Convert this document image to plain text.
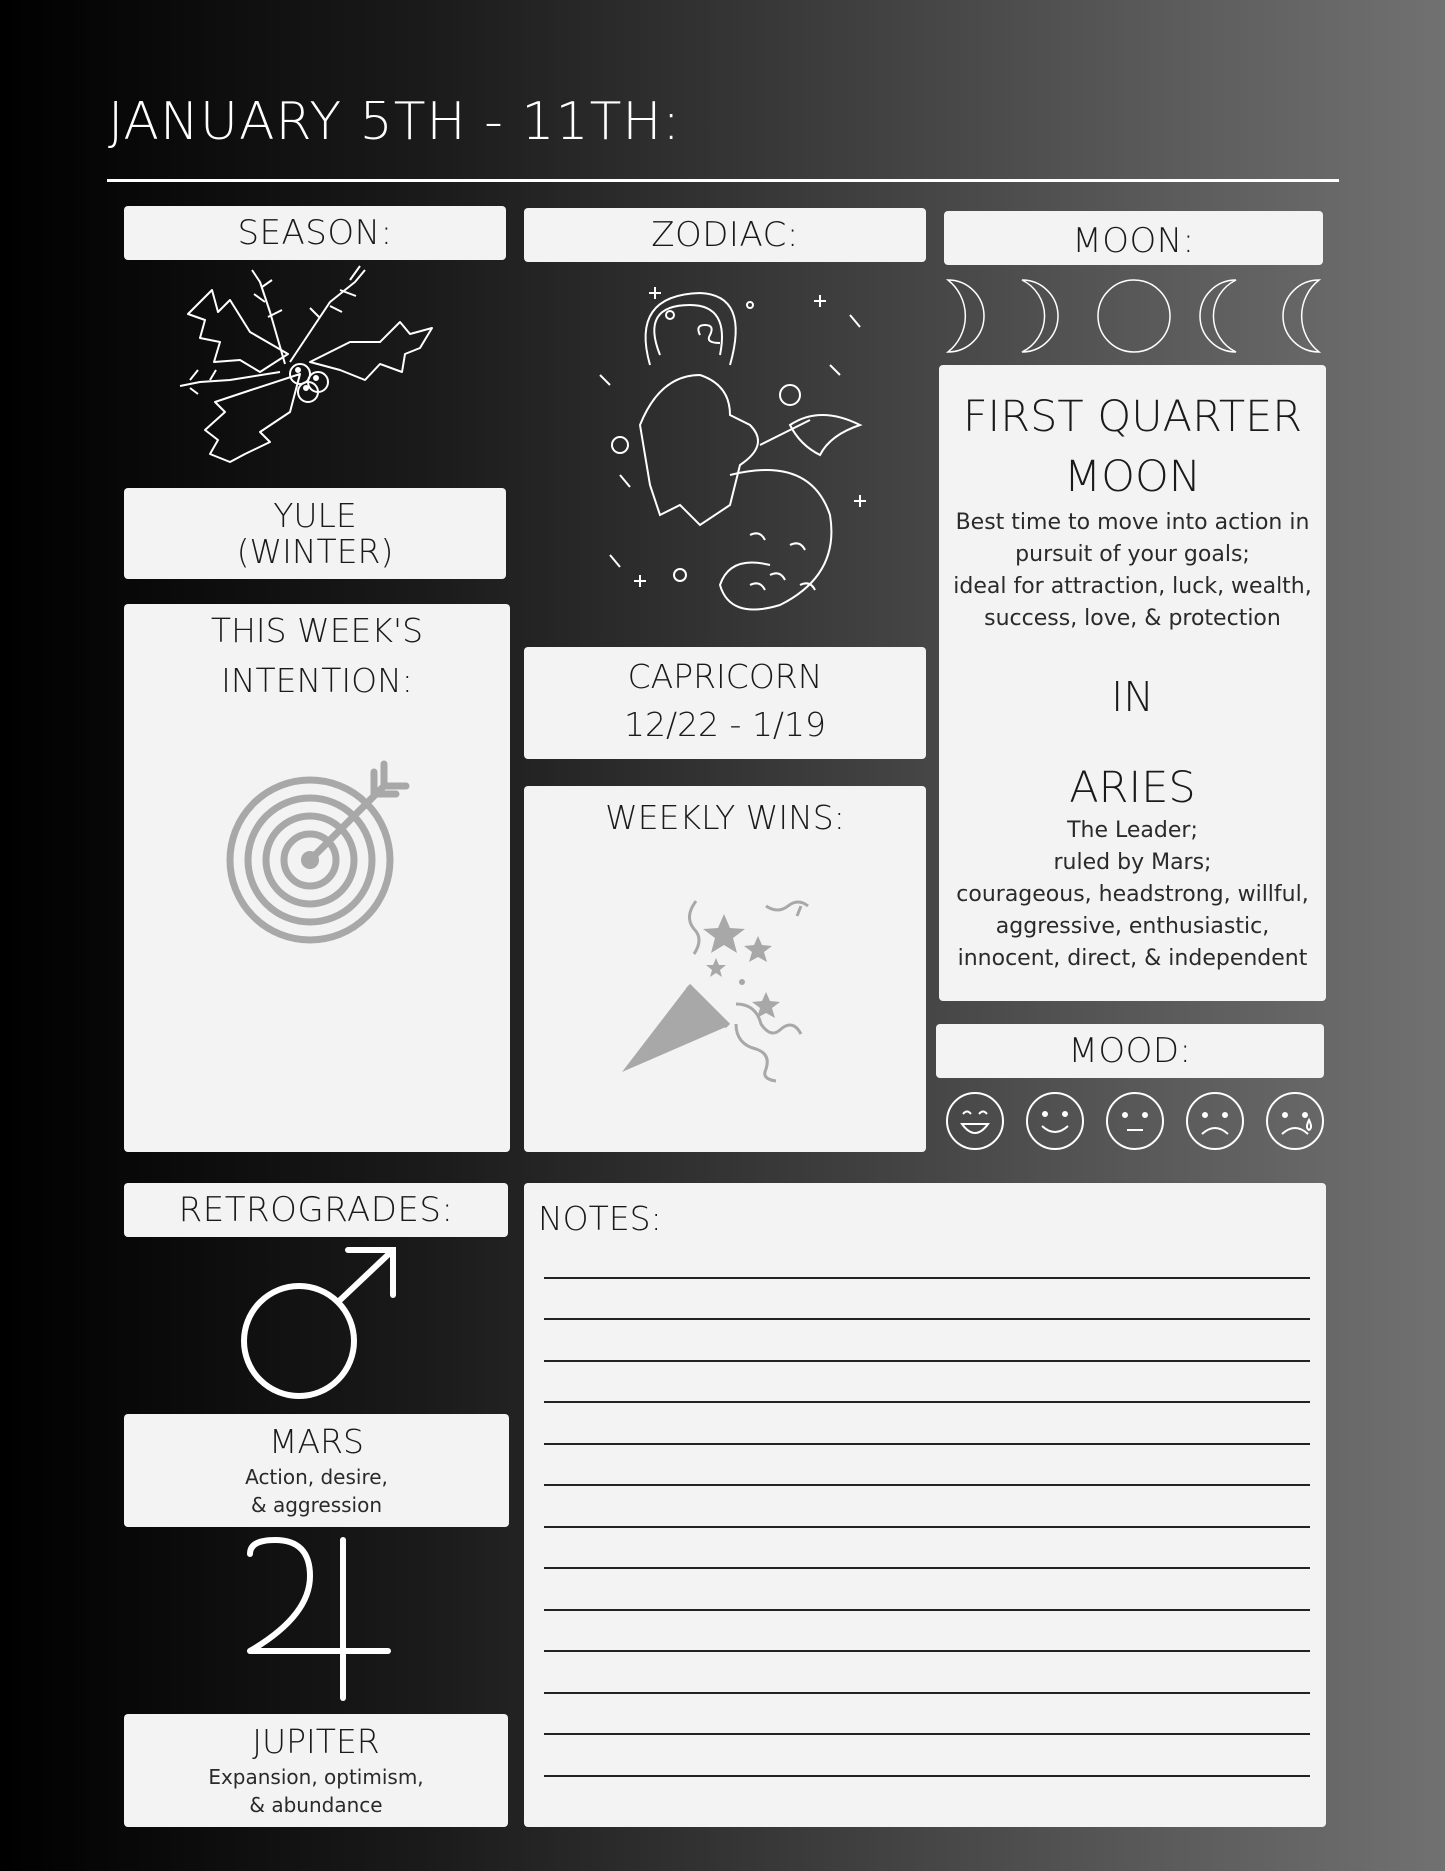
JANUARY 5TH - 11TH:
SEASON:
YULE
(WINTER)
THIS WEEK'S
INTENTION:
ZODIAC:
CAPRICORN
12/22 - 1/19
WEEKLY WINS:
MOON:
FIRST QUARTER
MOON
Best time to move into action in
pursuit of your goals;
ideal for attraction, luck, wealth,
success, love, & protection
IN
ARIES
The Leader;
ruled by Mars;
courageous, headstrong, willful,
aggressive, enthusiastic,
innocent, direct, & independent
MOOD:
RETROGRADES:
MARS
Action, desire,
& aggression
JUPITER
Expansion, optimism,
& abundance
NOTES:
